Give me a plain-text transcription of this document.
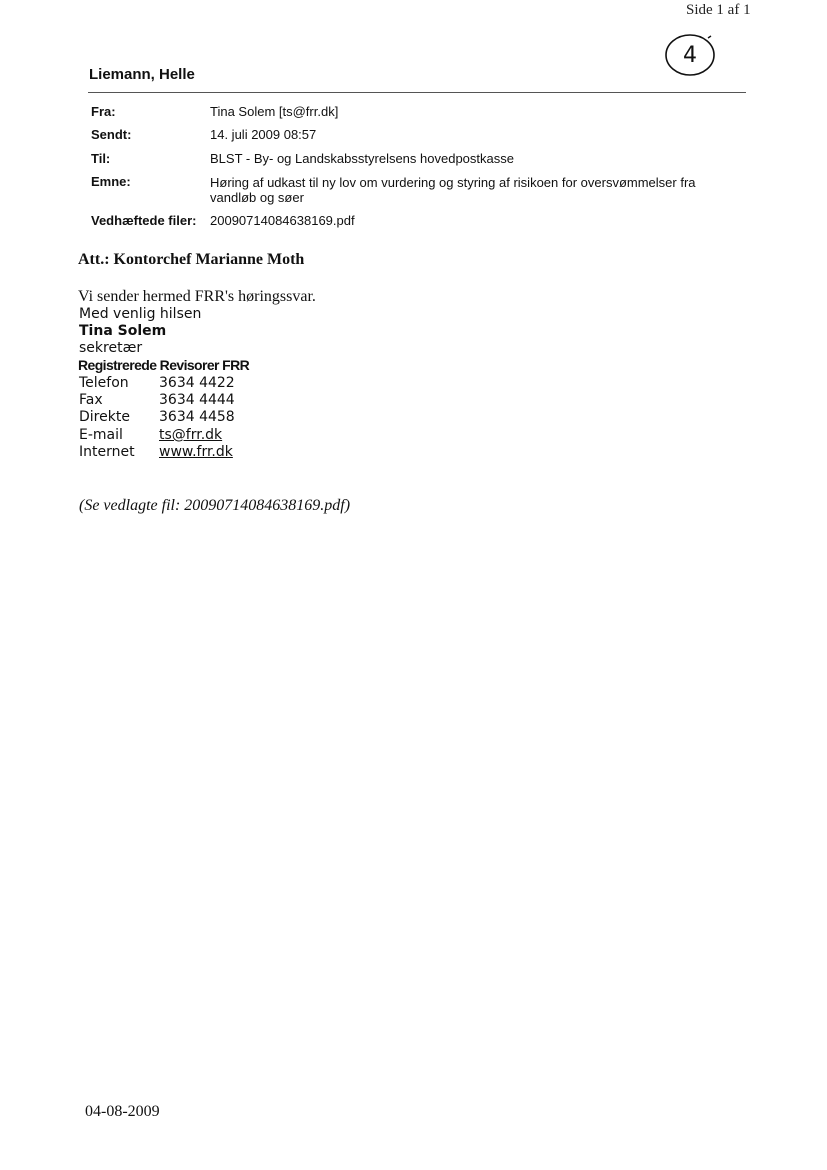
Side 1 af 1
4
Liemann, Helle
Fra:	Tina Solem [ts@frr.dk]
Sendt:	14. juli 2009 08:57
Til:	BLST - By- og Landskabsstyrelsens hovedpostkasse
Emne:	Høring af udkast til ny lov om vurdering og styring af risikoen for oversvømmelser fra vandløb og søer
Vedhæftede filer: 20090714084638169.pdf
Att.: Kontorchef Marianne Moth
Vi sender hermed FRR's høringssvar.
Med venlig hilsen
Tina Solem
sekretær
Registrerede Revisorer FRR
Telefon 3634 4422
Fax	3634 4444
Direkte 3634 4458
E-mail	ts@frr.dk
Internet www.frr.dk
(Se vedlagte fil: 20090714084638169.pdf)
04-08-2009
